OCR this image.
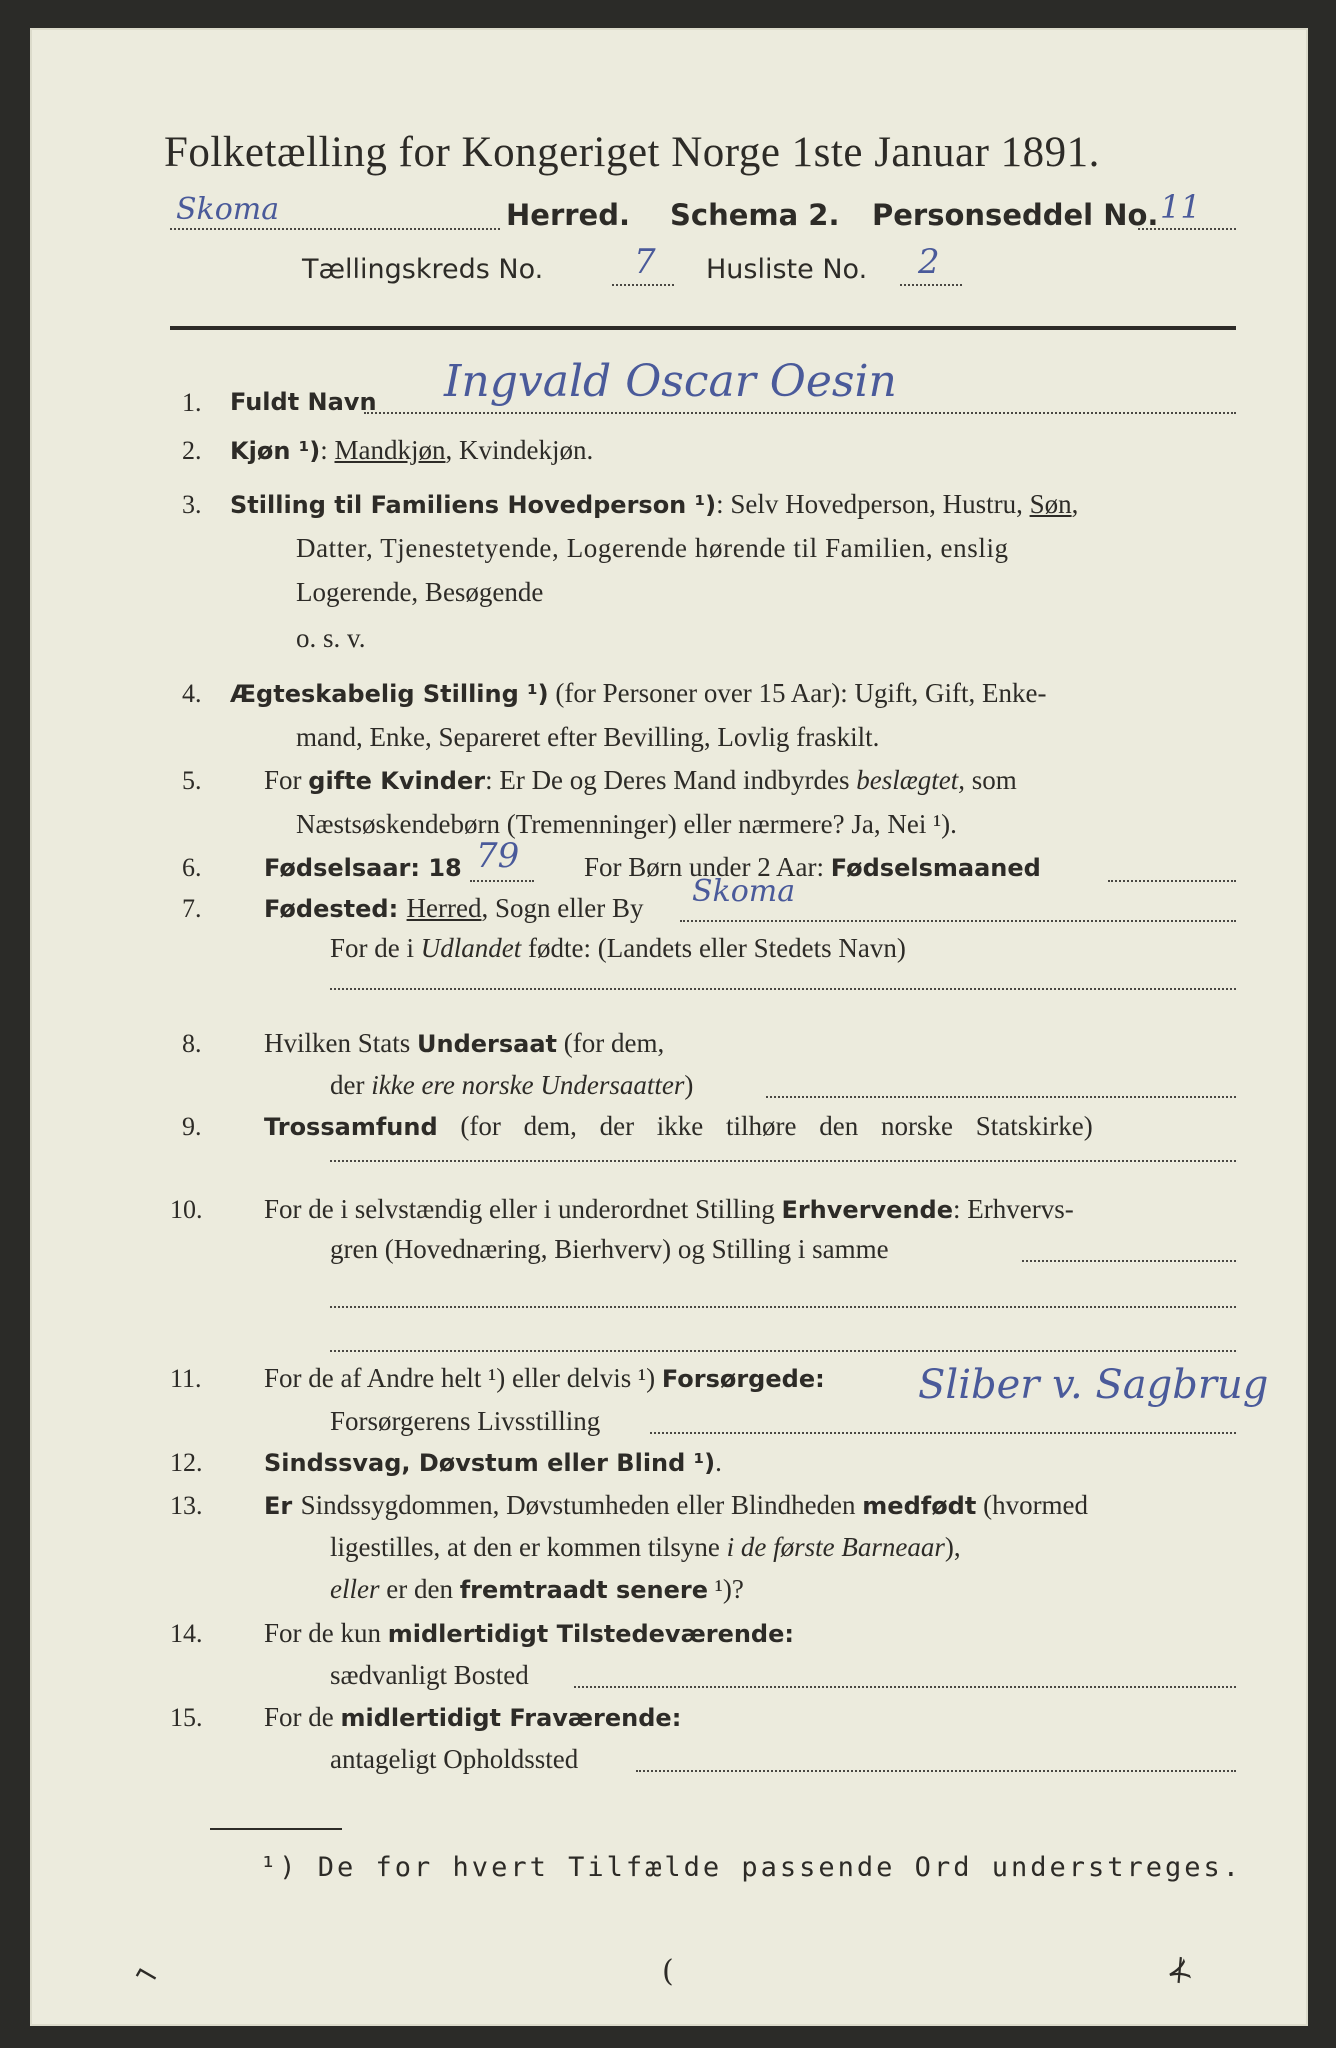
Folketælling for Kongeriget Norge 1ste Januar 1891.
Skoma	Herred. Schema 2. Personseddel No. 11
Tællingskreds No.	7 Husliste No. 2
1. Fuldt Navn Ingvald Oscar Oesin
2. Kjøn ¹): Mandkjøn, Kvindekjøn.
3. Stilling til Familiens Hovedperson ¹): Selv Hovedperson, Hustru, Søn,
Datter, Tjenestetyende, Logerende hørende til Familien, enslig
Logerende, Besøgende
o. s. v.
4. Ægteskabelig Stilling ¹) (for Personer over 15 Aar): Ugift, Gift, Enke-
mand, Enke, Separeret efter Bevilling, Lovlig fraskilt.
5. For gifte Kvinder: Er De og Deres Mand indbyrdes beslægtet, som
Næstsøskendebørn (Tremenninger) eller nærmere? Ja, Nei ¹).
6.	Fødselsaar: 18 79 For Børn under 2 Aar: Fødselsmaaned
7.	Fødested: Herred, Sogn eller By Skoma
For de i Udlandet fødte: (Landets eller Stedets Navn)
8. Hvilken Stats Undersaat (for dem,
der ikke ere norske Undersaatter)
9.	Trossamfund (for dem, der ikke tilhøre den norske Statskirke)
10. For de i selvstændig eller i underordnet Stilling Erhvervende: Erhvervs-
gren (Hovednæring, Bierhverv) og Stilling i samme
11. For de af Andre helt ¹) eller delvis ¹) Forsørgede:
Forsørgerens Livsstilling
Sliber v. Sagbrug
12.	Sindssvag, Døvstum eller Blind ¹).
13.	Er Sindssygdommen, Døvstumheden eller Blindheden medfødt (hvormed
ligestilles, at den er kommen tilsyne i de første Barneaar),
eller er den fremtraadt senere ¹)?
14. For de kun midlertidigt Tilstedeværende:
sædvanligt Bosted
15. For de midlertidigt Fraværende:
antageligt Opholdssted
¹) De for hvert Tilfælde passende Ord understreges.
⌐	(	⊀
